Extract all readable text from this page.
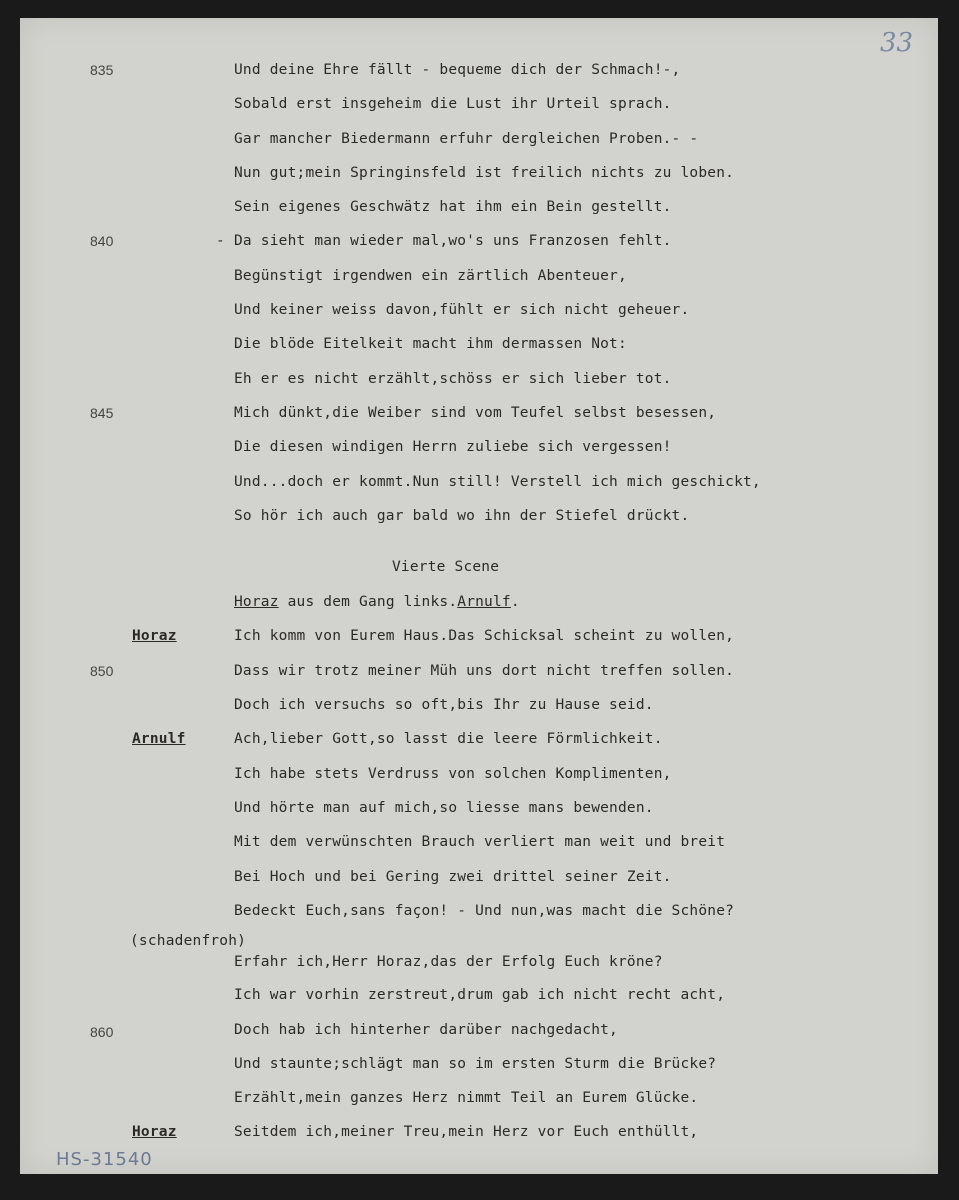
33
835
840
845
-
Und deine Ehre fällt - bequeme dich der Schmach!-,
Sobald erst insgeheim die Lust ihr Urteil sprach.
Gar mancher Biedermann erfuhr dergleichen Proben.- -
Nun gut;mein Springinsfeld ist freilich nichts zu loben.
Sein eigenes Geschwätz hat ihm ein Bein gestellt.
Da sieht man wieder mal,wo's uns Franzosen fehlt.
Begünstigt irgendwen ein zärtlich Abenteuer,
Und keiner weiss davon,fühlt er sich nicht geheuer.
Die blöde Eitelkeit macht ihm dermassen Not:
Eh er es nicht erzählt,schöss er sich lieber tot.
Mich dünkt,die Weiber sind vom Teufel selbst besessen,
Die diesen windigen Herrn zuliebe sich vergessen!
Und...doch er kommt.Nun still! Verstell ich mich geschickt,
So hör ich auch gar bald wo ihn der Stiefel drückt.
Vierte Scene
Horaz aus dem Gang links.Arnulf.
Horaz
Arnulf
Horaz
850
860
(schadenfroh)
Ich komm von Eurem Haus.Das Schicksal scheint zu wollen,
Dass wir trotz meiner Müh uns dort nicht treffen sollen.
Doch ich versuchs so oft,bis Ihr zu Hause seid.
Ach,lieber Gott,so lasst die leere Förmlichkeit.
Ich habe stets Verdruss von solchen Komplimenten,
Und hörte man auf mich,so liesse mans bewenden.
Mit dem verwünschten Brauch verliert man weit und breit
Bei Hoch und bei Gering zwei drittel seiner Zeit.
Bedeckt Euch,sans façon! - Und nun,was macht die Schöne?
Erfahr ich,Herr Horaz,das der Erfolg Euch kröne?
Ich war vorhin zerstreut,drum gab ich nicht recht acht,
Doch hab ich hinterher darüber nachgedacht,
Und staunte;schlägt man so im ersten Sturm die Brücke?
Erzählt,mein ganzes Herz nimmt Teil an Eurem Glücke.
Seitdem ich,meiner Treu,mein Herz vor Euch enthüllt,
HS-31540
